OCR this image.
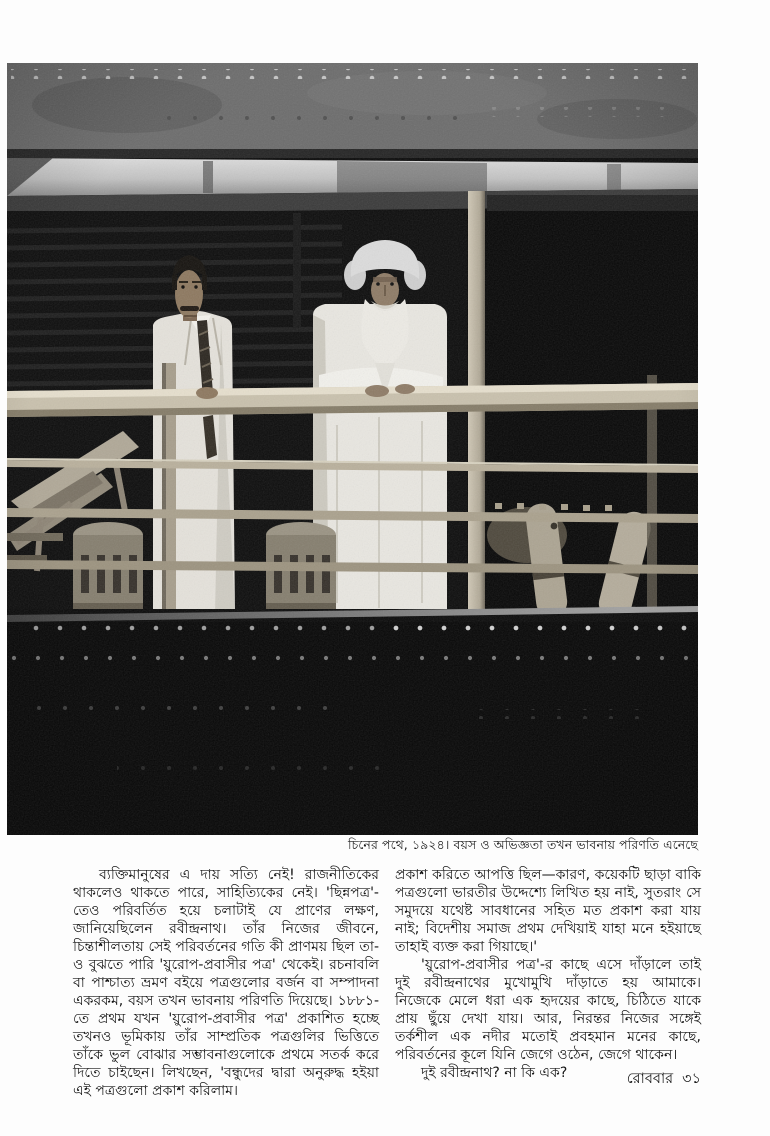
চিনের পথে, ১৯২৪। বয়স ও অভিজ্ঞতা তখন ভাবনায় পরিণতি এনেছে

ব্যক্তিমানুষের এ দায় সত্যি নেই! রাজনীতিকের থাকলেও থাকতে পারে, সাহিত্যিকের নেই। 'ছিন্নপত্র'-তেও পরিবর্তিত হয়ে চলাটাই যে প্রাণের লক্ষণ, জানিয়েছিলেন রবীন্দ্রনাথ। তাঁর নিজের জীবনে, চিন্তাশীলতায় সেই পরিবর্তনের গতি কী প্রাণময় ছিল তা-ও বুঝতে পারি 'য়ুরোপ-প্রবাসীর পত্র' থেকেই। রচনাবলি বা পাশ্চাত্য ভ্রমণ বইয়ে পত্রগুলোর বর্জন বা সম্পাদনা একরকম, বয়স তখন ভাবনায় পরিণতি দিয়েছে। ১৮৮১-তে প্রথম যখন 'য়ুরোপ-প্রবাসীর পত্র' প্রকাশিত হচ্ছে তখনও ভূমিকায় তাঁর সাম্প্রতিক পত্রগুলির ভিত্তিতে তাঁকে ভুল বোঝার সম্ভাবনাগুলোকে প্রথমে সতর্ক করে দিতে চাইছেন। লিখছেন, 'বন্ধুদের দ্বারা অনুরুদ্ধ হইয়া এই পত্রগুলো প্রকাশ করিলাম।

প্রকাশ করিতে আপত্তি ছিল—কারণ, কয়েকটি ছাড়া বাকি পত্রগুলো ভারতীর উদ্দেশ্যে লিখিত হয় নাই, সুতরাং সে সমুদয়ে যথেষ্ট সাবধানের সহিত মত প্রকাশ করা যায় নাই; বিদেশীয় সমাজ প্রথম দেখিয়াই যাহা মনে হইয়াছে তাহাই ব্যক্ত করা গিয়াছে।'

'য়ুরোপ-প্রবাসীর পত্র'-র কাছে এসে দাঁড়ালে তাই দুই রবীন্দ্রনাথের মুখোমুখি দাঁড়াতে হয় আমাকে। নিজেকে মেলে ধরা এক হৃদয়ের কাছে, চিঠিতে যাকে প্রায় ছুঁয়ে দেখা যায়। আর, নিরন্তর নিজের সঙ্গেই তর্কশীল এক নদীর মতোই প্রবহমান মনের কাছে, পরিবর্তনের কূলে যিনি জেগে ওঠেন, জেগে থাকেন।

দুই রবীন্দ্রনাথ? না কি এক?	রোববার ৩১
